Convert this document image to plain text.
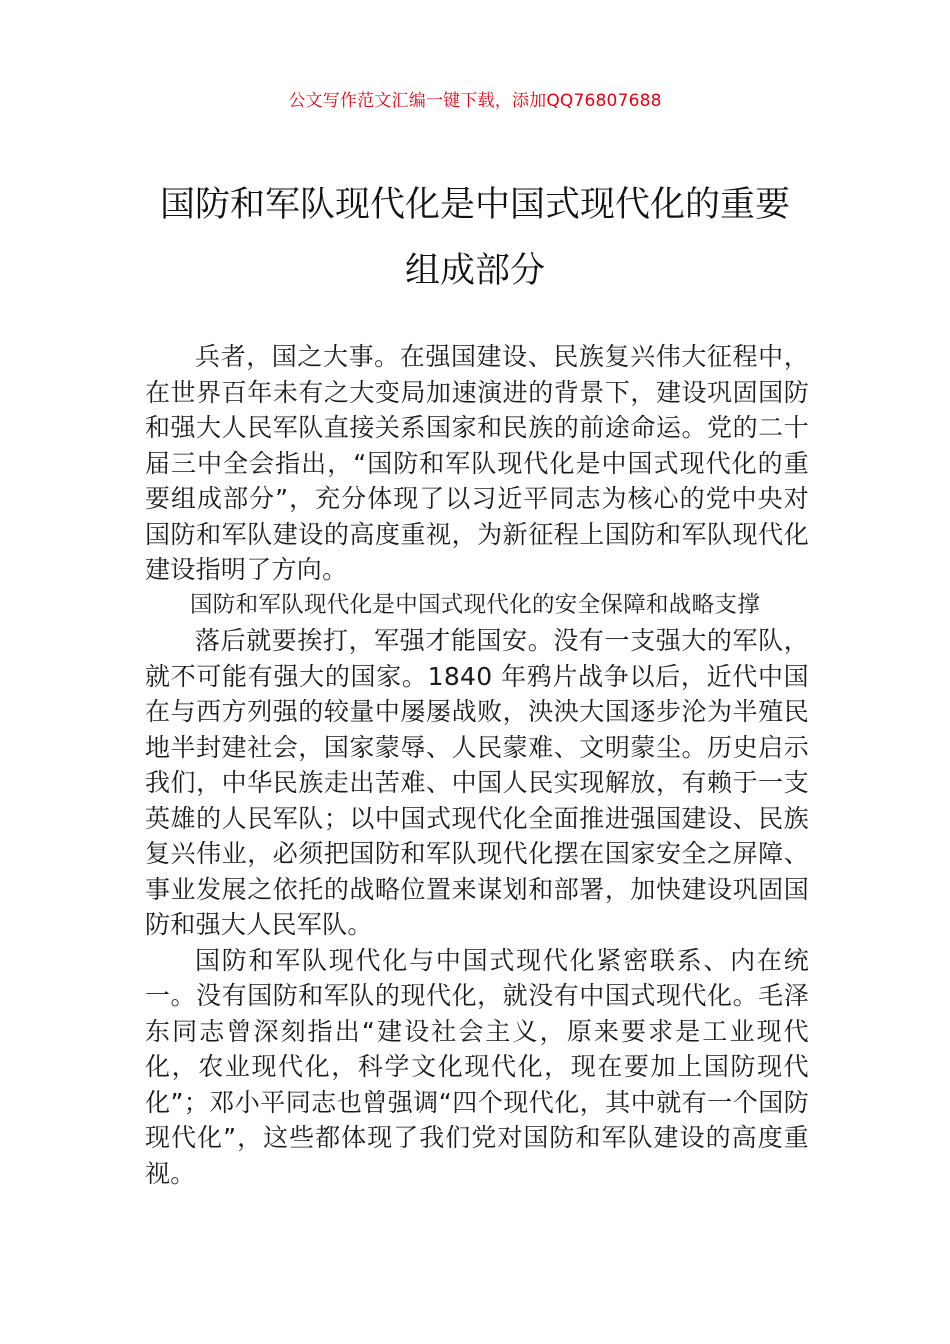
公文写作范文汇编一键下载，添加QQ76807688
国防和军队现代化是中国式现代化的重要
组成部分

兵者，国之大事。在强国建设、民族复兴伟大征程中，在世界百年未有之大变局加速演进的背景下，建设巩固国防和强大人民军队直接关系国家和民族的前途命运。党的二十届三中全会指出，“国防和军队现代化是中国式现代化的重要组成部分”，充分体现了以习近平同志为核心的党中央对国防和军队建设的高度重视，为新征程上国防和军队现代化建设指明了方向。

国防和军队现代化是中国式现代化的安全保障和战略支撑

落后就要挨打，军强才能国安。没有一支强大的军队，就不可能有强大的国家。1840 年鸦片战争以后，近代中国在与西方列强的较量中屡屡战败，泱泱大国逐步沦为半殖民地半封建社会，国家蒙辱、人民蒙难、文明蒙尘。历史启示我们，中华民族走出苦难、中国人民实现解放，有赖于一支英雄的人民军队；以中国式现代化全面推进强国建设、民族复兴伟业，必须把国防和军队现代化摆在国家安全之屏障、事业发展之依托的战略位置来谋划和部署，加快建设巩固国防和强大人民军队。

国防和军队现代化与中国式现代化紧密联系、内在统一。没有国防和军队的现代化，就没有中国式现代化。毛泽东同志曾深刻指出“建设社会主义，原来要求是工业现代化，农业现代化，科学文化现代化，现在要加上国防现代化”；邓小平同志也曾强调“四个现代化，其中就有一个国防现代化”，这些都体现了我们党对国防和军队建设的高度重视。
